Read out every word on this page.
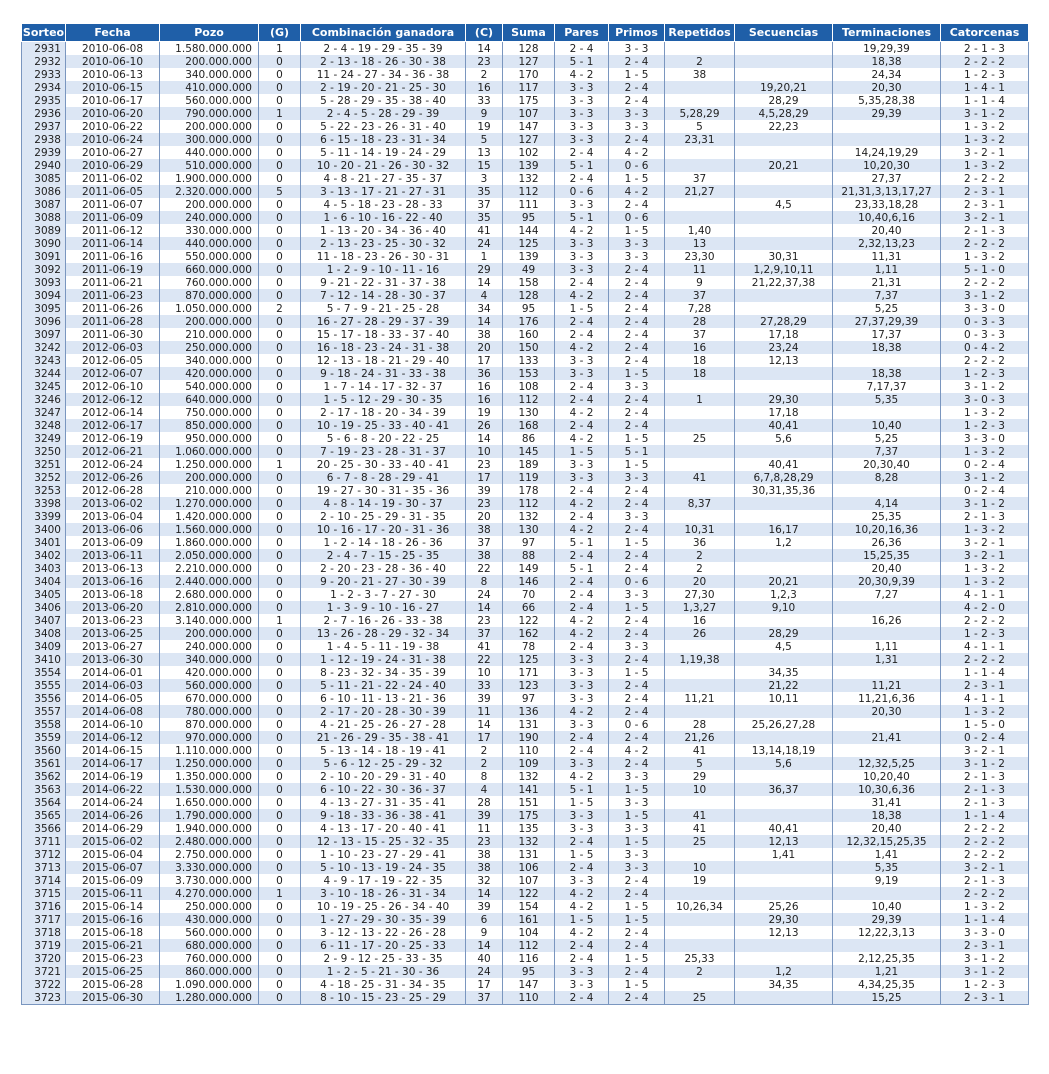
Sorteo	Fecha	Pozo	(G)	Combinación ganadora	(C)	Suma	Pares	Primos	Repetidos	Secuencias	Terminaciones	Catorcenas
2931	2010-06-08	1.580.000.000	1	2 - 4 - 19 - 29 - 35 - 39	14	128	2 - 4	3 - 3			19,29,39	2 - 1 - 3
2932	2010-06-10	200.000.000	0	2 - 13 - 18 - 26 - 30 - 38	23	127	5 - 1	2 - 4	2		18,38	2 - 2 - 2
2933	2010-06-13	340.000.000	0	11 - 24 - 27 - 34 - 36 - 38	2	170	4 - 2	1 - 5	38		24,34	1 - 2 - 3
2934	2010-06-15	410.000.000	0	2 - 19 - 20 - 21 - 25 - 30	16	117	3 - 3	2 - 4		19,20,21	20,30	1 - 4 - 1
2935	2010-06-17	560.000.000	0	5 - 28 - 29 - 35 - 38 - 40	33	175	3 - 3	2 - 4		28,29	5,35,28,38	1 - 1 - 4
2936	2010-06-20	790.000.000	1	2 - 4 - 5 - 28 - 29 - 39	9	107	3 - 3	3 - 3	5,28,29	4,5,28,29	29,39	3 - 1 - 2
2937	2010-06-22	200.000.000	0	5 - 22 - 23 - 26 - 31 - 40	19	147	3 - 3	3 - 3	5	22,23		1 - 3 - 2
2938	2010-06-24	300.000.000	0	6 - 15 - 18 - 23 - 31 - 34	5	127	3 - 3	2 - 4	23,31			1 - 3 - 2
2939	2010-06-27	440.000.000	0	5 - 11 - 14 - 19 - 24 - 29	13	102	2 - 4	4 - 2			14,24,19,29	3 - 2 - 1
2940	2010-06-29	510.000.000	0	10 - 20 - 21 - 26 - 30 - 32	15	139	5 - 1	0 - 6		20,21	10,20,30	1 - 3 - 2
3085	2011-06-02	1.900.000.000	0	4 - 8 - 21 - 27 - 35 - 37	3	132	2 - 4	1 - 5	37		27,37	2 - 2 - 2
3086	2011-06-05	2.320.000.000	5	3 - 13 - 17 - 21 - 27 - 31	35	112	0 - 6	4 - 2	21,27		21,31,3,13,17,27	2 - 3 - 1
3087	2011-06-07	200.000.000	0	4 - 5 - 18 - 23 - 28 - 33	37	111	3 - 3	2 - 4		4,5	23,33,18,28	2 - 3 - 1
3088	2011-06-09	240.000.000	0	1 - 6 - 10 - 16 - 22 - 40	35	95	5 - 1	0 - 6			10,40,6,16	3 - 2 - 1
3089	2011-06-12	330.000.000	0	1 - 13 - 20 - 34 - 36 - 40	41	144	4 - 2	1 - 5	1,40		20,40	2 - 1 - 3
3090	2011-06-14	440.000.000	0	2 - 13 - 23 - 25 - 30 - 32	24	125	3 - 3	3 - 3	13		2,32,13,23	2 - 2 - 2
3091	2011-06-16	550.000.000	0	11 - 18 - 23 - 26 - 30 - 31	1	139	3 - 3	3 - 3	23,30	30,31	11,31	1 - 3 - 2
3092	2011-06-19	660.000.000	0	1 - 2 - 9 - 10 - 11 - 16	29	49	3 - 3	2 - 4	11	1,2,9,10,11	1,11	5 - 1 - 0
3093	2011-06-21	760.000.000	0	9 - 21 - 22 - 31 - 37 - 38	14	158	2 - 4	2 - 4	9	21,22,37,38	21,31	2 - 2 - 2
3094	2011-06-23	870.000.000	0	7 - 12 - 14 - 28 - 30 - 37	4	128	4 - 2	2 - 4	37		7,37	3 - 1 - 2
3095	2011-06-26	1.050.000.000	2	5 - 7 - 9 - 21 - 25 - 28	34	95	1 - 5	2 - 4	7,28		5,25	3 - 3 - 0
3096	2011-06-28	200.000.000	0	16 - 27 - 28 - 29 - 37 - 39	14	176	2 - 4	2 - 4	28	27,28,29	27,37,29,39	0 - 3 - 3
3097	2011-06-30	210.000.000	0	15 - 17 - 18 - 33 - 37 - 40	38	160	2 - 4	2 - 4	37	17,18	17,37	0 - 3 - 3
3242	2012-06-03	250.000.000	0	16 - 18 - 23 - 24 - 31 - 38	20	150	4 - 2	2 - 4	16	23,24	18,38	0 - 4 - 2
3243	2012-06-05	340.000.000	0	12 - 13 - 18 - 21 - 29 - 40	17	133	3 - 3	2 - 4	18	12,13		2 - 2 - 2
3244	2012-06-07	420.000.000	0	9 - 18 - 24 - 31 - 33 - 38	36	153	3 - 3	1 - 5	18		18,38	1 - 2 - 3
3245	2012-06-10	540.000.000	0	1 - 7 - 14 - 17 - 32 - 37	16	108	2 - 4	3 - 3			7,17,37	3 - 1 - 2
3246	2012-06-12	640.000.000	0	1 - 5 - 12 - 29 - 30 - 35	16	112	2 - 4	2 - 4	1	29,30	5,35	3 - 0 - 3
3247	2012-06-14	750.000.000	0	2 - 17 - 18 - 20 - 34 - 39	19	130	4 - 2	2 - 4		17,18		1 - 3 - 2
3248	2012-06-17	850.000.000	0	10 - 19 - 25 - 33 - 40 - 41	26	168	2 - 4	2 - 4		40,41	10,40	1 - 2 - 3
3249	2012-06-19	950.000.000	0	5 - 6 - 8 - 20 - 22 - 25	14	86	4 - 2	1 - 5	25	5,6	5,25	3 - 3 - 0
3250	2012-06-21	1.060.000.000	0	7 - 19 - 23 - 28 - 31 - 37	10	145	1 - 5	5 - 1			7,37	1 - 3 - 2
3251	2012-06-24	1.250.000.000	1	20 - 25 - 30 - 33 - 40 - 41	23	189	3 - 3	1 - 5		40,41	20,30,40	0 - 2 - 4
3252	2012-06-26	200.000.000	0	6 - 7 - 8 - 28 - 29 - 41	17	119	3 - 3	3 - 3	41	6,7,8,28,29	8,28	3 - 1 - 2
3253	2012-06-28	210.000.000	0	19 - 27 - 30 - 31 - 35 - 36	39	178	2 - 4	2 - 4		30,31,35,36		0 - 2 - 4
3398	2013-06-02	1.270.000.000	0	4 - 8 - 14 - 19 - 30 - 37	23	112	4 - 2	2 - 4	8,37		4,14	3 - 1 - 2
3399	2013-06-04	1.420.000.000	0	2 - 10 - 25 - 29 - 31 - 35	20	132	2 - 4	3 - 3			25,35	2 - 1 - 3
3400	2013-06-06	1.560.000.000	0	10 - 16 - 17 - 20 - 31 - 36	38	130	4 - 2	2 - 4	10,31	16,17	10,20,16,36	1 - 3 - 2
3401	2013-06-09	1.860.000.000	0	1 - 2 - 14 - 18 - 26 - 36	37	97	5 - 1	1 - 5	36	1,2	26,36	3 - 2 - 1
3402	2013-06-11	2.050.000.000	0	2 - 4 - 7 - 15 - 25 - 35	38	88	2 - 4	2 - 4	2		15,25,35	3 - 2 - 1
3403	2013-06-13	2.210.000.000	0	2 - 20 - 23 - 28 - 36 - 40	22	149	5 - 1	2 - 4	2		20,40	1 - 3 - 2
3404	2013-06-16	2.440.000.000	0	9 - 20 - 21 - 27 - 30 - 39	8	146	2 - 4	0 - 6	20	20,21	20,30,9,39	1 - 3 - 2
3405	2013-06-18	2.680.000.000	0	1 - 2 - 3 - 7 - 27 - 30	24	70	2 - 4	3 - 3	27,30	1,2,3	7,27	4 - 1 - 1
3406	2013-06-20	2.810.000.000	0	1 - 3 - 9 - 10 - 16 - 27	14	66	2 - 4	1 - 5	1,3,27	9,10		4 - 2 - 0
3407	2013-06-23	3.140.000.000	1	2 - 7 - 16 - 26 - 33 - 38	23	122	4 - 2	2 - 4	16		16,26	2 - 2 - 2
3408	2013-06-25	200.000.000	0	13 - 26 - 28 - 29 - 32 - 34	37	162	4 - 2	2 - 4	26	28,29		1 - 2 - 3
3409	2013-06-27	240.000.000	0	1 - 4 - 5 - 11 - 19 - 38	41	78	2 - 4	3 - 3		4,5	1,11	4 - 1 - 1
3410	2013-06-30	340.000.000	0	1 - 12 - 19 - 24 - 31 - 38	22	125	3 - 3	2 - 4	1,19,38		1,31	2 - 2 - 2
3554	2014-06-01	420.000.000	0	8 - 23 - 32 - 34 - 35 - 39	10	171	3 - 3	1 - 5		34,35		1 - 1 - 4
3555	2014-06-03	560.000.000	0	5 - 11 - 21 - 22 - 24 - 40	33	123	3 - 3	2 - 4		21,22	11,21	2 - 3 - 1
3556	2014-06-05	670.000.000	0	6 - 10 - 11 - 13 - 21 - 36	39	97	3 - 3	2 - 4	11,21	10,11	11,21,6,36	4 - 1 - 1
3557	2014-06-08	780.000.000	0	2 - 17 - 20 - 28 - 30 - 39	11	136	4 - 2	2 - 4			20,30	1 - 3 - 2
3558	2014-06-10	870.000.000	0	4 - 21 - 25 - 26 - 27 - 28	14	131	3 - 3	0 - 6	28	25,26,27,28		1 - 5 - 0
3559	2014-06-12	970.000.000	0	21 - 26 - 29 - 35 - 38 - 41	17	190	2 - 4	2 - 4	21,26		21,41	0 - 2 - 4
3560	2014-06-15	1.110.000.000	0	5 - 13 - 14 - 18 - 19 - 41	2	110	2 - 4	4 - 2	41	13,14,18,19		3 - 2 - 1
3561	2014-06-17	1.250.000.000	0	5 - 6 - 12 - 25 - 29 - 32	2	109	3 - 3	2 - 4	5	5,6	12,32,5,25	3 - 1 - 2
3562	2014-06-19	1.350.000.000	0	2 - 10 - 20 - 29 - 31 - 40	8	132	4 - 2	3 - 3	29		10,20,40	2 - 1 - 3
3563	2014-06-22	1.530.000.000	0	6 - 10 - 22 - 30 - 36 - 37	4	141	5 - 1	1 - 5	10	36,37	10,30,6,36	2 - 1 - 3
3564	2014-06-24	1.650.000.000	0	4 - 13 - 27 - 31 - 35 - 41	28	151	1 - 5	3 - 3			31,41	2 - 1 - 3
3565	2014-06-26	1.790.000.000	0	9 - 18 - 33 - 36 - 38 - 41	39	175	3 - 3	1 - 5	41		18,38	1 - 1 - 4
3566	2014-06-29	1.940.000.000	0	4 - 13 - 17 - 20 - 40 - 41	11	135	3 - 3	3 - 3	41	40,41	20,40	2 - 2 - 2
3711	2015-06-02	2.480.000.000	0	12 - 13 - 15 - 25 - 32 - 35	23	132	2 - 4	1 - 5	25	12,13	12,32,15,25,35	2 - 2 - 2
3712	2015-06-04	2.750.000.000	0	1 - 10 - 23 - 27 - 29 - 41	38	131	1 - 5	3 - 3		1,41	1,41	2 - 2 - 2
3713	2015-06-07	3.330.000.000	0	5 - 10 - 13 - 19 - 24 - 35	38	106	2 - 4	3 - 3	10		5,35	3 - 2 - 1
3714	2015-06-09	3.730.000.000	0	4 - 9 - 17 - 19 - 22 - 35	32	107	3 - 3	2 - 4	19		9,19	2 - 1 - 3
3715	2015-06-11	4.270.000.000	1	3 - 10 - 18 - 26 - 31 - 34	14	122	4 - 2	2 - 4				2 - 2 - 2
3716	2015-06-14	250.000.000	0	10 - 19 - 25 - 26 - 34 - 40	39	154	4 - 2	1 - 5	10,26,34	25,26	10,40	1 - 3 - 2
3717	2015-06-16	430.000.000	0	1 - 27 - 29 - 30 - 35 - 39	6	161	1 - 5	1 - 5		29,30	29,39	1 - 1 - 4
3718	2015-06-18	560.000.000	0	3 - 12 - 13 - 22 - 26 - 28	9	104	4 - 2	2 - 4		12,13	12,22,3,13	3 - 3 - 0
3719	2015-06-21	680.000.000	0	6 - 11 - 17 - 20 - 25 - 33	14	112	2 - 4	2 - 4				2 - 3 - 1
3720	2015-06-23	760.000.000	0	2 - 9 - 12 - 25 - 33 - 35	40	116	2 - 4	1 - 5	25,33		2,12,25,35	3 - 1 - 2
3721	2015-06-25	860.000.000	0	1 - 2 - 5 - 21 - 30 - 36	24	95	3 - 3	2 - 4	2	1,2	1,21	3 - 1 - 2
3722	2015-06-28	1.090.000.000	0	4 - 18 - 25 - 31 - 34 - 35	17	147	3 - 3	1 - 5		34,35	4,34,25,35	1 - 2 - 3
3723	2015-06-30	1.280.000.000	0	8 - 10 - 15 - 23 - 25 - 29	37	110	2 - 4	2 - 4	25		15,25	2 - 3 - 1
